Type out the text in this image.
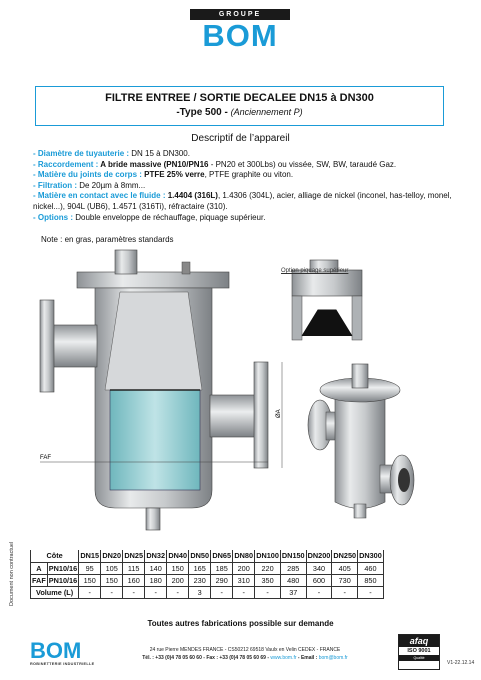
GROUPE
BOM
FILTRE ENTREE / SORTIE DECALEE DN15 à DN300
-Type 500 - (Anciennement P)
Descriptif de l’appareil
- Diamètre de tuyauterie : DN 15 à DN300.
- Raccordement : A bride massive (PN10/PN16 - PN20 et 300Lbs) ou vissée, SW, BW, taraudé Gaz.
- Matière du joints de corps : PTFE 25% verre, PTFE graphite ou viton.
- Filtration : De 20µm à 8mm...
- Matière en contact avec le fluide : 1.4404 (316L), 1.4306 (304L), acier, alliage de nickel (inconel, has-telloy, monel, nickel...), 904L (UB6), 1.4571 (316Ti), réfractaire (310).
- Options : Double enveloppe de réchauffage, piquage supérieur.
Note : en gras, paramètres standards
FAF
ØA
Option piquage supérieur
Côte		DN15	DN20	DN25	DN32	DN40	DN50	DN65	DN80	DN100	DN150	DN200	DN250	DN300
A	PN10/16	95	105	115	140	150	165	185	200	220	285	340	405	460
FAF	PN10/16	150	150	160	180	200	230	290	310	350	480	600	730	850
Volume (L)		-	-	-	-	-	3	-	-	-	37	-	-	-
Document non contractuel
Toutes autres fabrications possible sur demande
BOM
ROBINETTERIE INDUSTRIELLE
24 rue Pierre MENDES FRANCE - CS50212 69518 Vaulx en Velin CEDEX - FRANCE
Tél. : +33 (0)4 78 05 60 60 - Fax : +33 (0)4 78 05 60 69 - www.bom.fr - Email : bom@bom.fr
afaq
ISO 9001
Qualité
V1-22.12.14
